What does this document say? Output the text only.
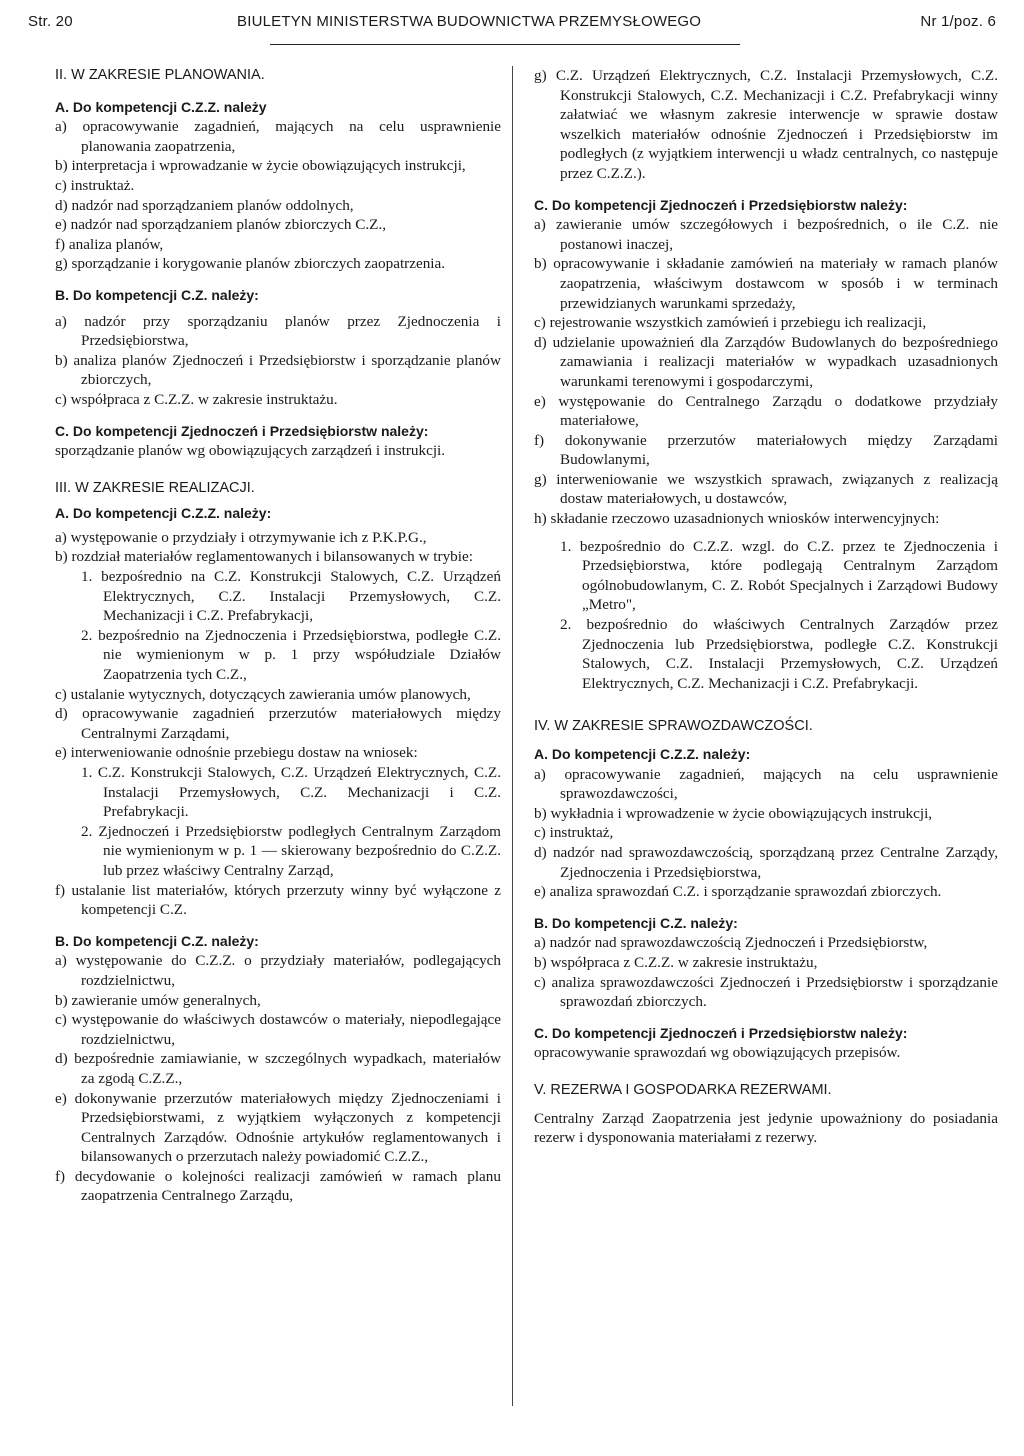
Str. 20	BIULETYN MINISTERSTWA BUDOWNICTWA PRZEMYSŁOWEGO	Nr 1/poz. 6

II. W ZAKRESIE PLANOWANIA.

A. Do kompetencji C.Z.Z. należy

a) opracowywanie zagadnień, mających na celu usprawnienie planowania zaopatrzenia,

b) interpretacja i wprowadzanie w życie obowiązujących instrukcji,

c) instruktaż.

d) nadzór nad sporządzaniem planów oddolnych,

e) nadzór nad sporządzaniem planów zbiorczych C.Z.,

f) analiza planów,

g) sporządzanie i korygowanie planów zbiorczych zaopatrzenia.

B. Do kompetencji C.Z. należy:

a) nadzór przy sporządzaniu planów przez Zjednoczenia i Przedsiębiorstwa,

b) analiza planów Zjednoczeń i Przedsiębiorstw i sporządzanie planów zbiorczych,

c) współpraca z C.Z.Z. w zakresie instruktażu.

C. Do kompetencji Zjednoczeń i Przedsiębiorstw należy:

sporządzanie planów wg obowiązujących zarządzeń i instrukcji.

III. W ZAKRESIE REALIZACJI.

A. Do kompetencji C.Z.Z. należy:

a) występowanie o przydziały i otrzymywanie ich z P.K.P.G.,

b) rozdział materiałów reglamentowanych i bilansowanych w trybie:

1. bezpośrednio na C.Z. Konstrukcji Stalowych, C.Z. Urządzeń Elektrycznych, C.Z. Instalacji Przemysłowych, C.Z. Mechanizacji i C.Z. Prefabrykacji,

2. bezpośrednio na Zjednoczenia i Przedsiębiorstwa, podległe C.Z. nie wymienionym w p. 1 przy współudziale Działów Zaopatrzenia tych C.Z.,

c) ustalanie wytycznych, dotyczących zawierania umów planowych,

d) opracowywanie zagadnień przerzutów materiałowych między Centralnymi Zarządami,

e) interweniowanie odnośnie przebiegu dostaw na wniosek:

1. C.Z. Konstrukcji Stalowych, C.Z. Urządzeń Elektrycznych, C.Z. Instalacji Przemysłowych, C.Z. Mechanizacji i C.Z. Prefabrykacji.

2. Zjednoczeń i Przedsiębiorstw podległych Centralnym Zarządom nie wymienionym w p. 1 — skierowany bezpośrednio do C.Z.Z. lub przez właściwy Centralny Zarząd,

f) ustalanie list materiałów, których przerzuty winny być wyłączone z kompetencji C.Z.

B. Do kompetencji C.Z. należy:

a) występowanie do C.Z.Z. o przydziały materiałów, podlegających rozdzielnictwu,

b) zawieranie umów generalnych,

c) występowanie do właściwych dostawców o materiały, niepodlegające rozdzielnictwu,

d) bezpośrednie zamiawianie, w szczególnych wypadkach, materiałów za zgodą C.Z.Z.,

e) dokonywanie przerzutów materiałowych między Zjednoczeniami i Przedsiębiorstwami, z wyjątkiem wyłączonych z kompetencji Centralnych Zarządów. Odnośnie artykułów reglamentowanych i bilansowanych o przerzutach należy powiadomić C.Z.Z.,

f) decydowanie o kolejności realizacji zamówień w ramach planu zaopatrzenia Centralnego Zarządu,

g) C.Z. Urządzeń Elektrycznych, C.Z. Instalacji Przemysłowych, C.Z. Konstrukcji Stalowych, C.Z. Mechanizacji i C.Z. Prefabrykacji winny załatwiać we własnym zakresie interwencje w sprawie dostaw wszelkich materiałów odnośnie Zjednoczeń i Przedsiębiorstw im podległych (z wyjątkiem interwencji u władz centralnych, co następuje przez C.Z.Z.).

C. Do kompetencji Zjednoczeń i Przedsiębiorstw należy:

a) zawieranie umów szczegółowych i bezpośrednich, o ile C.Z. nie postanowi inaczej,

b) opracowywanie i składanie zamówień na materiały w ramach planów zaopatrzenia, właściwym dostawcom w sposób i w terminach przewidzianych warunkami sprzedaży,

c) rejestrowanie wszystkich zamówień i przebiegu ich realizacji,

d) udzielanie upoważnień dla Zarządów Budowlanych do bezpośredniego zamawiania i realizacji materiałów w wypadkach uzasadnionych warunkami terenowymi i gospodarczymi,

e) występowanie do Centralnego Zarządu o dodatkowe przydziały materiałowe,

f) dokonywanie przerzutów materiałowych między Zarządami Budowlanymi,

g) interweniowanie we wszystkich sprawach, związanych z realizacją dostaw materiałowych, u dostawców,

h) składanie rzeczowo uzasadnionych wniosków interwencyjnych:

1. bezpośrednio do C.Z.Z. wzgl. do C.Z. przez te Zjednoczenia i Przedsiębiorstwa, które podlegają Centralnym Zarządom ogólnobudowlanym, C. Z. Robót Specjalnych i Zarządowi Budowy „Metro",

2. bezpośrednio do właściwych Centralnych Zarządów przez Zjednoczenia lub Przedsiębiorstwa, podległe C.Z. Konstrukcji Stalowych, C.Z. Instalacji Przemysłowych, C.Z. Urządzeń Elektrycznych, C.Z. Mechanizacji i C.Z. Prefabrykacji.

IV. W ZAKRESIE SPRAWOZDAWCZOŚCI.

A. Do kompetencji C.Z.Z. należy:

a) opracowywanie zagadnień, mających na celu usprawnienie sprawozdawczości,

b) wykładnia i wprowadzenie w życie obowiązujących instrukcji,

c) instruktaż,

d) nadzór nad sprawozdawczością, sporządzaną przez Centralne Zarządy, Zjednoczenia i Przedsiębiorstwa,

e) analiza sprawozdań C.Z. i sporządzanie sprawozdań zbiorczych.

B. Do kompetencji C.Z. należy:

a) nadzór nad sprawozdawczością Zjednoczeń i Przedsiębiorstw,

b) współpraca z C.Z.Z. w zakresie instruktażu,

c) analiza sprawozdawczości Zjednoczeń i Przedsiębiorstw i sporządzanie sprawozdań zbiorczych.

C. Do kompetencji Zjednoczeń i Przedsiębiorstw należy:

opracowywanie sprawozdań wg obowiązujących przepisów.

V. REZERWA I GOSPODARKA REZERWAMI.

Centralny Zarząd Zaopatrzenia jest jedynie upoważniony do posiadania rezerw i dysponowania materiałami z rezerwy.
